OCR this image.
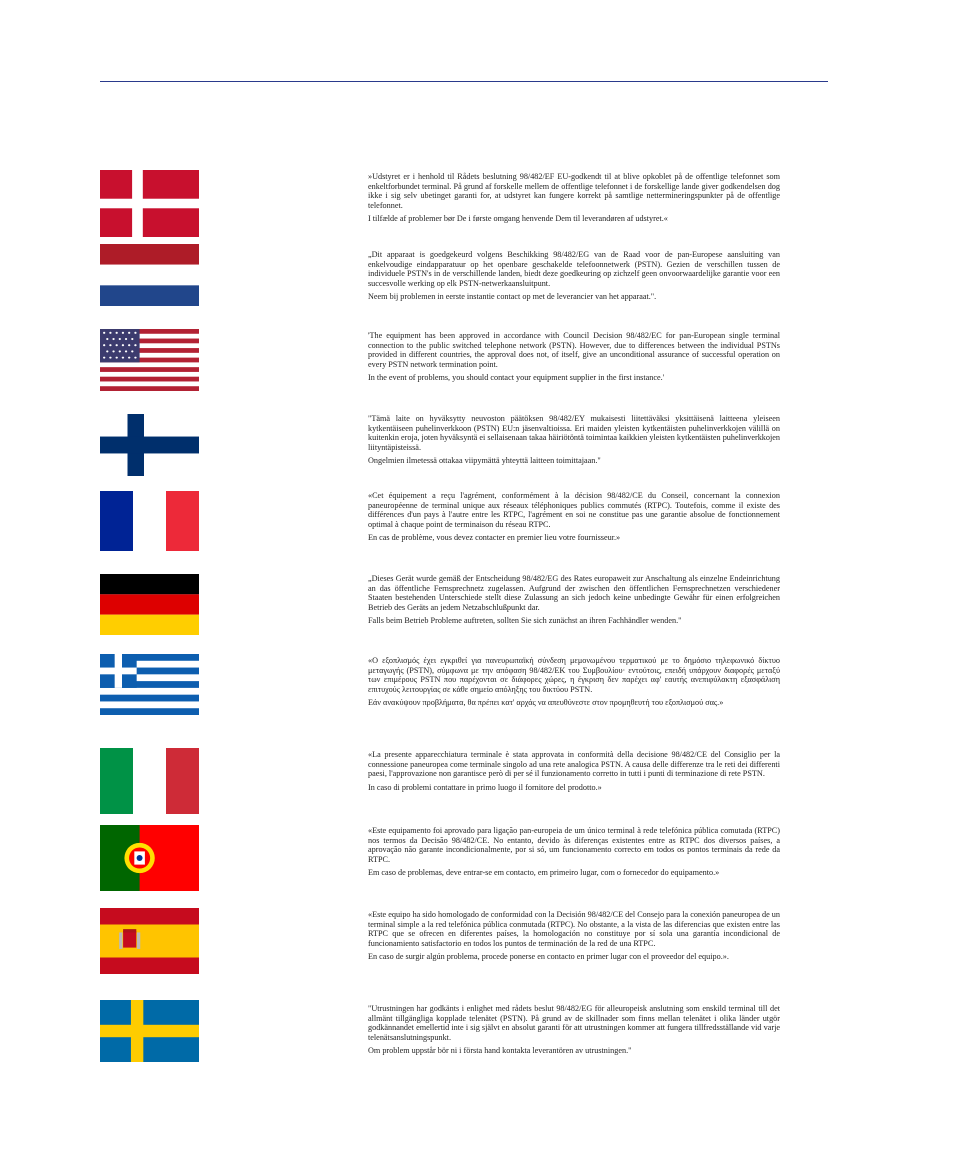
»Udstyret er i henhold til Rådets beslutning 98/482/EF EU-godkendt til at blive opkoblet på de offentlige telefonnet som enkeltforbundet terminal. På grund af forskelle mellem de offentlige telefonnet i de forskellige lande giver godkendelsen dog ikke i sig selv ubetinget garanti for, at udstyret kan fungere korrekt på samtlige nettermineringspunkter på de offentlige telefonnet.

I tilfælde af problemer bør De i første omgang henvende Dem til leverandøren af udstyret.«

„Dit apparaat is goedgekeurd volgens Beschikking 98/482/EG van de Raad voor de pan-Europese aansluiting van enkelvoudige eindapparatuur op het openbare geschakelde telefoonnetwerk (PSTN). Gezien de verschillen tussen de individuele PSTN's in de verschillende landen, biedt deze goedkeuring op zichzelf geen onvoorwaardelijke garantie voor een succesvolle werking op elk PSTN-netwerkaansluitpunt.

Neem bij problemen in eerste instantie contact op met de leverancier van het apparaat.".

'The equipment has been approved in accordance with Council Decision 98/482/EC for pan-European single terminal connection to the public switched telephone network (PSTN). However, due to differences between the individual PSTNs provided in different countries, the approval does not, of itself, give an unconditional assurance of successful operation on every PSTN network termination point.

In the event of problems, you should contact your equipment supplier in the first instance.'

"Tämä laite on hyväksytty neuvoston päätöksen 98/482/EY mukaisesti liitettäväksi yksittäisenä laitteena yleiseen kytkentäiseen puhelinverkkoon (PSTN) EU:n jäsenvaltioissa. Eri maiden yleisten kytkentäisten puhelinverkkojen välillä on kuitenkin eroja, joten hyväksyntä ei sellaisenaan takaa häiriötöntä toimintaa kaikkien yleisten kytkentäisten puhelinverkkojen liityntäpisteissä.

Ongelmien ilmetessä ottakaa viipymättä yhteyttä laitteen toimittajaan."

«Cet équipement a reçu l'agrément, conformément à la décision 98/482/CE du Conseil, concernant la connexion paneuropéenne de terminal unique aux réseaux téléphoniques publics commutés (RTPC). Toutefois, comme il existe des différences d'un pays à l'autre entre les RTPC, l'agrément en soi ne constitue pas une garantie absolue de fonctionnement optimal à chaque point de terminaison du réseau RTPC.

En cas de problème, vous devez contacter en premier lieu votre fournisseur.»

„Dieses Gerät wurde gemäß der Entscheidung 98/482/EG des Rates europaweit zur Anschaltung als einzelne Endeinrichtung an das öffentliche Fernsprechnetz zugelassen. Aufgrund der zwischen den öffentlichen Fernsprechnetzen verschiedener Staaten bestehenden Unterschiede stellt diese Zulassung an sich jedoch keine unbedingte Gewähr für einen erfolgreichen Betrieb des Geräts an jedem Netzabschlußpunkt dar.

Falls beim Betrieb Probleme auftreten, sollten Sie sich zunächst an ihren Fachhändler wenden."

«Ο εξοπλισμός έχει εγκριθεί για πανευρωπαϊκή σύνδεση μεμονωμένου τερματικού με το δημόσιο τηλεφωνικό δίκτυο μεταγωγής (PSTN), σύμφωνα με την απόφαση 98/482/ΕΚ του Συμβουλίου· εντούτοις, επειδή υπάρχουν διαφορές μεταξύ των επιμέρους PSTN που παρέχονται σε διάφορες χώρες, η έγκριση δεν παρέχει αφ' εαυτής ανεπιφύλακτη εξασφάλιση επιτυχούς λειτουργίας σε κάθε σημείο απόληξης του δικτύου PSTN.

Εάν ανακύψουν προβλήματα, θα πρέπει κατ' αρχάς να απευθύνεστε στον προμηθευτή του εξοπλισμού σας.»

«La presente apparecchiatura terminale è stata approvata in conformità della decisione 98/482/CE del Consiglio per la connessione paneuropea come terminale singolo ad una rete analogica PSTN. A causa delle differenze tra le reti dei differenti paesi, l'approvazione non garantisce però di per sé il funzionamento corretto in tutti i punti di terminazione di rete PSTN.

In caso di problemi contattare in primo luogo il fornitore del prodotto.»

«Este equipamento foi aprovado para ligação pan-europeia de um único terminal à rede telefónica pública comutada (RTPC) nos termos da Decisão 98/482/CE. No entanto, devido às diferenças existentes entre as RTPC dos diversos países, a aprovação não garante incondicionalmente, por si só, um funcionamento correcto em todos os pontos terminais da rede da RTPC.

Em caso de problemas, deve entrar-se em contacto, em primeiro lugar, com o fornecedor do equipamento.»

«Este equipo ha sido homologado de conformidad con la Decisión 98/482/CE del Consejo para la conexión paneuropea de un terminal simple a la red telefónica pública conmutada (RTPC). No obstante, a la vista de las diferencias que existen entre las RTPC que se ofrecen en diferentes países, la homologación no constituye por sí sola una garantía incondicional de funcionamiento satisfactorio en todos los puntos de terminación de la red de una RTPC.

En caso de surgir algún problema, procede ponerse en contacto en primer lugar con el proveedor del equipo.».

"Utrustningen har godkänts i enlighet med rådets beslut 98/482/EG för alleuropeisk anslutning som enskild terminal till det allmänt tillgängliga kopplade telenätet (PSTN). På grund av de skillnader som finns mellan telenätet i olika länder utgör godkännandet emellertid inte i sig självt en absolut garanti för att utrustningen kommer att fungera tillfredsställande vid varje telenätsanslutningspunkt.

Om problem uppstår bör ni i första hand kontakta leverantören av utrustningen."
